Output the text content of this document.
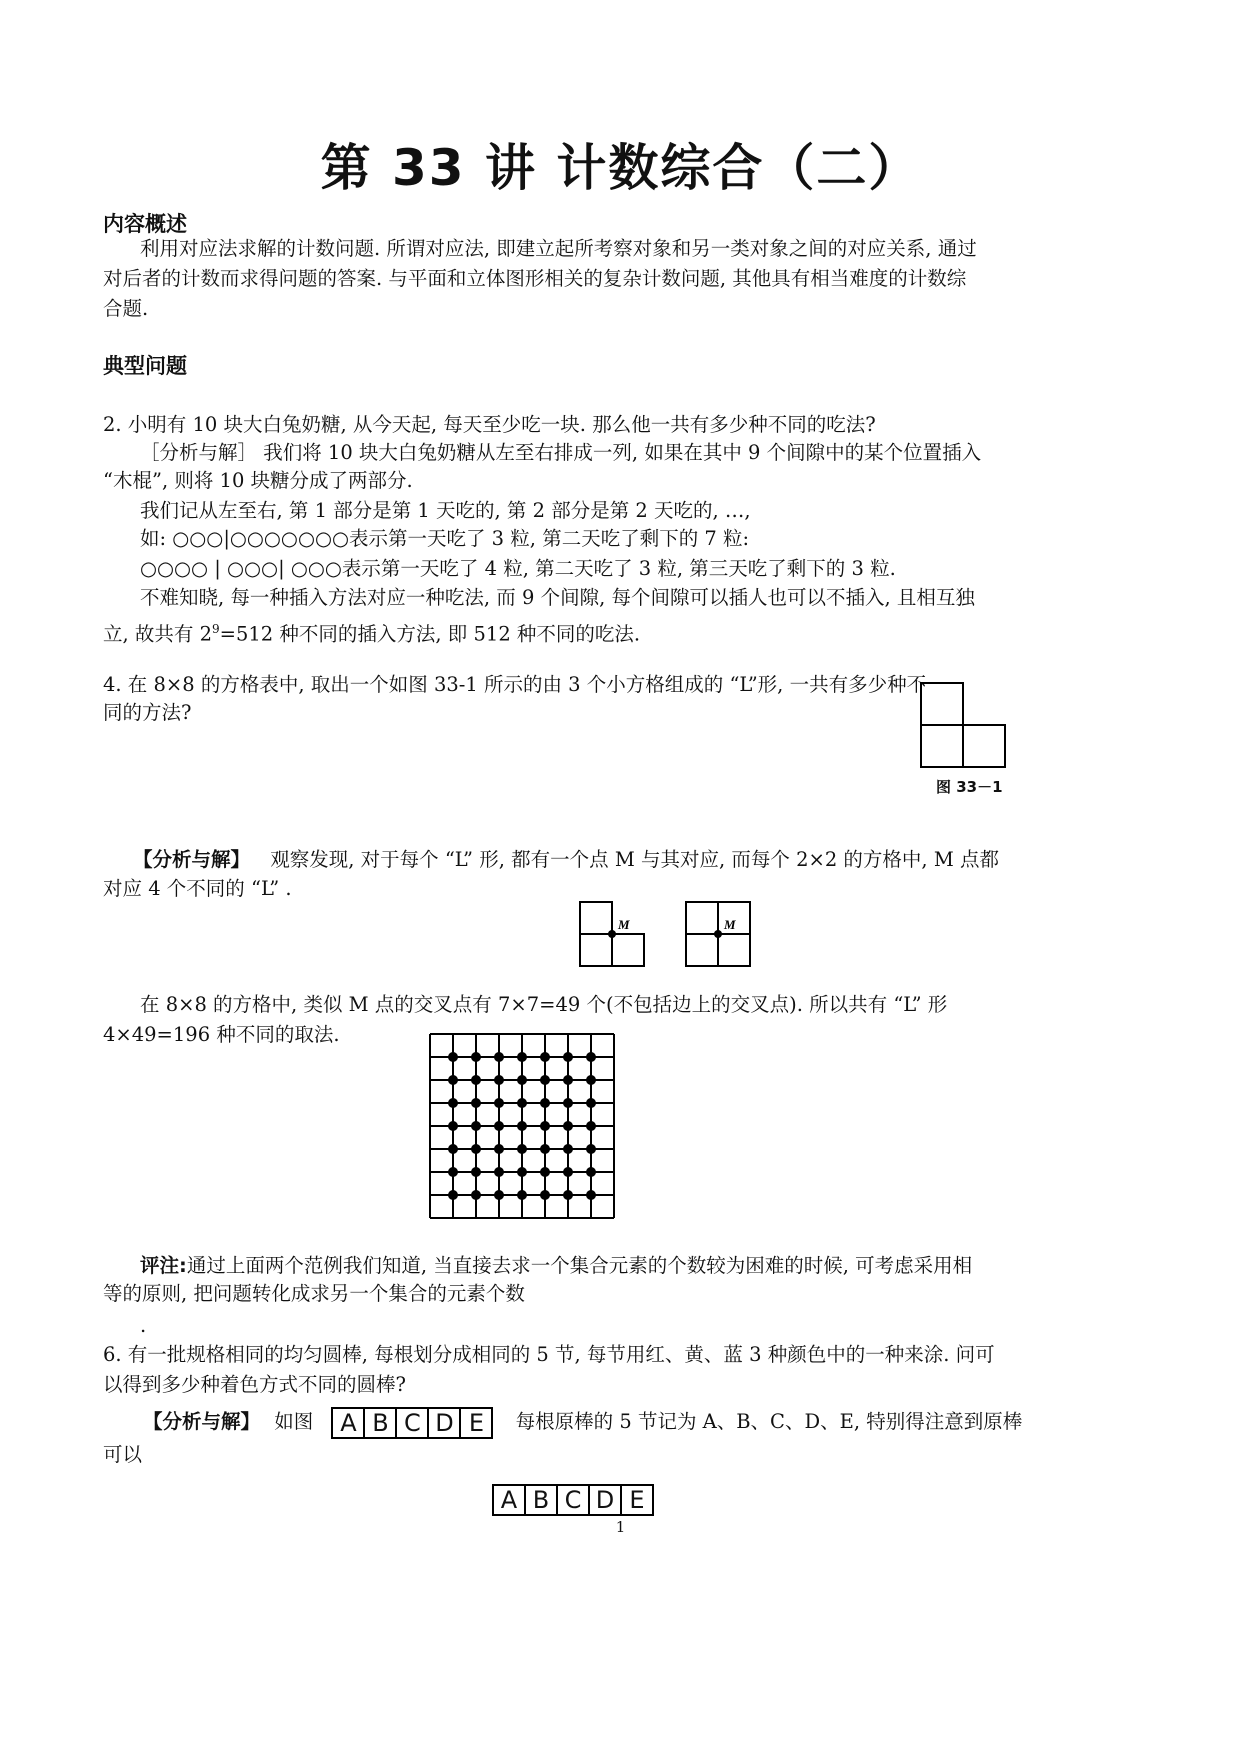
第 33 讲 计数综合（二）
内容概述
利用对应法求解的计数问题. 所谓对应法, 即建立起所考察对象和另一类对象之间的对应关系, 通过
对后者的计数而求得问题的答案. 与平面和立体图形相关的复杂计数问题, 其他具有相当难度的计数综
合题.
典型问题
2. 小明有 10 块大白兔奶糖, 从今天起, 每天至少吃一块. 那么他一共有多少种不同的吃法?
［分析与解］ 我们将 10 块大白兔奶糖从左至右排成一列, 如果在其中 9 个间隙中的某个位置插入
“木棍”, 则将 10 块糖分成了两部分.
我们记从左至右, 第 1 部分是第 1 天吃的, 第 2 部分是第 2 天吃的, …,
如: ○○○|○○○○○○○表示第一天吃了 3 粒, 第二天吃了剩下的 7 粒:
○○○○ | ○○○| ○○○表示第一天吃了 4 粒, 第二天吃了 3 粒, 第三天吃了剩下的 3 粒.
不难知晓, 每一种插入方法对应一种吃法, 而 9 个间隙, 每个间隙可以插人也可以不插入, 且相互独
立, 故共有 $2^9=512$ 种不同的插入方法, 即 512 种不同的吃法.
4. 在 8×8 的方格表中, 取出一个如图 33-1 所示的由 3 个小方格组成的 “L”形, 一共有多少种不
同的方法?
图 33－1
【分析与解】 观察发现, 对于每个 “L” 形, 都有一个点 M 与其对应, 而每个 2×2 的方格中, M 点都
对应 4 个不同的 “L” .
M	M
在 8×8 的方格中, 类似 M 点的交叉点有 7×7=49 个(不包括边上的交叉点). 所以共有 “L” 形
4×49=196 种不同的取法.
评注:通过上面两个范例我们知道, 当直接去求一个集合元素的个数较为困难的时候, 可考虑采用相
等的原则, 把问题转化成求另一个集合的元素个数
.
6. 有一批规格相同的均匀圆棒, 每根划分成相同的 5 节, 每节用红、黄、蓝 3 种颜色中的一种来涂. 问可
以得到多少种着色方式不同的圆棒?
【分析与解】 如图 A B C D E	每根原棒的 5 节记为 A、B、C、D、E, 特别得注意到原棒
可以
A B C D E
1
